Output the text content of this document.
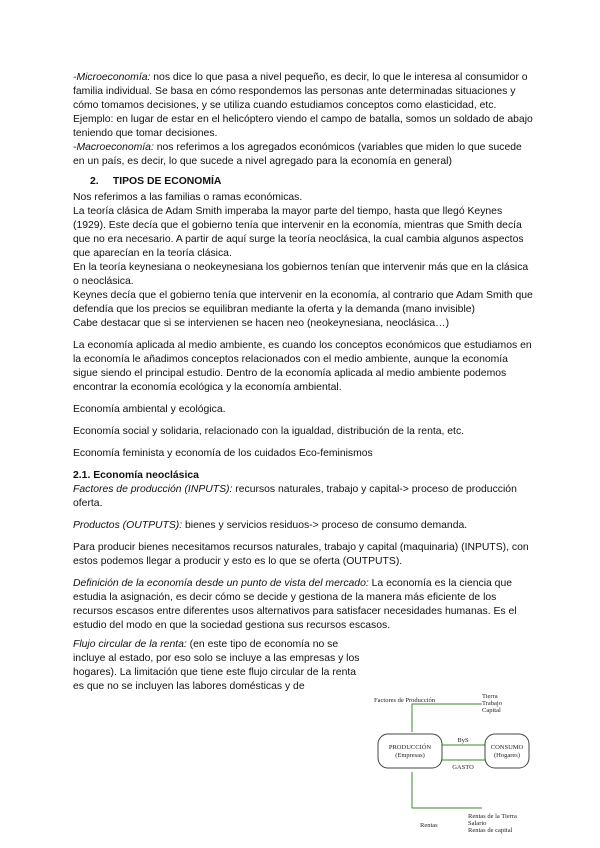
-Microeconomía: nos dice lo que pasa a nivel pequeño, es decir, lo que le interesa al consumidor o familia individual. Se basa en cómo respondemos las personas ante determinadas situaciones y cómo tomamos decisiones, y se utiliza cuando estudiamos conceptos como elasticidad, etc. Ejemplo: en lugar de estar en el helicóptero viendo el campo de batalla, somos un soldado de abajo teniendo que tomar decisiones.

-Macroeconomía: nos referimos a los agregados económicos (variables que miden lo que sucede en un país, es decir, lo que sucede a nivel agregado para la economía en general)

2. TIPOS DE ECONOMÍA

Nos referimos a las familias o ramas económicas.

La teoría clásica de Adam Smith imperaba la mayor parte del tiempo, hasta que llegó Keynes (1929). Este decía que el gobierno tenía que intervenir en la economía, mientras que Smith decía que no era necesario. A partir de aquí surge la teoría neoclásica, la cual cambia algunos aspectos que aparecían en la teoría clásica.

En la teoría keynesiana o neokeynesiana los gobiernos tenían que intervenir más que en la clásica o neoclásica.

Keynes decía que el gobierno tenía que intervenir en la economía, al contrario que Adam Smith que defendía que los precios se equilibran mediante la oferta y la demanda (mano invisible)

Cabe destacar que si se intervienen se hacen neo (neokeynesiana, neoclásica…)

La economía aplicada al medio ambiente, es cuando los conceptos económicos que estudiamos en la economía le añadimos conceptos relacionados con el medio ambiente, aunque la economía sigue siendo el principal estudio. Dentro de la economía aplicada al medio ambiente podemos encontrar la economía ecológica y la economía ambiental.

Economía ambiental y ecológica.

Economía social y solidaria, relacionado con la igualdad, distribución de la renta, etc.

Economía feminista y economía de los cuidados Eco-feminismos

2.1. Economía neoclásica

Factores de producción (INPUTS): recursos naturales, trabajo y capital-> proceso de producción oferta.

Productos (OUTPUTS): bienes y servicios residuos-> proceso de consumo demanda.

Para producir bienes necesitamos recursos naturales, trabajo y capital (maquinaria) (INPUTS), con estos podemos llegar a producir y esto es lo que se oferta (OUTPUTS).

Definición de la economía desde un punto de vista del mercado: La economía es la ciencia que estudia la asignación, es decir cómo se decide y gestiona de la manera más eficiente de los recursos escasos entre diferentes usos alternativos para satisfacer necesidades humanas. Es el estudio del modo en que la sociedad gestiona sus recursos escasos.

Flujo circular de la renta: (en este tipo de economía no se incluye al estado, por eso solo se incluye a las empresas y los hogares). La limitación que tiene este flujo circular de la renta es que no se incluyen las labores domésticas y de

Factores de Producción
Tierra
Trabajo
Capital
PRODUCCIÓN
(Empresas)
CONSUMO
(Hogares)
ByS
GASTO
Rentas
Rentas de la Tierra
Salario
Rentas de capital
